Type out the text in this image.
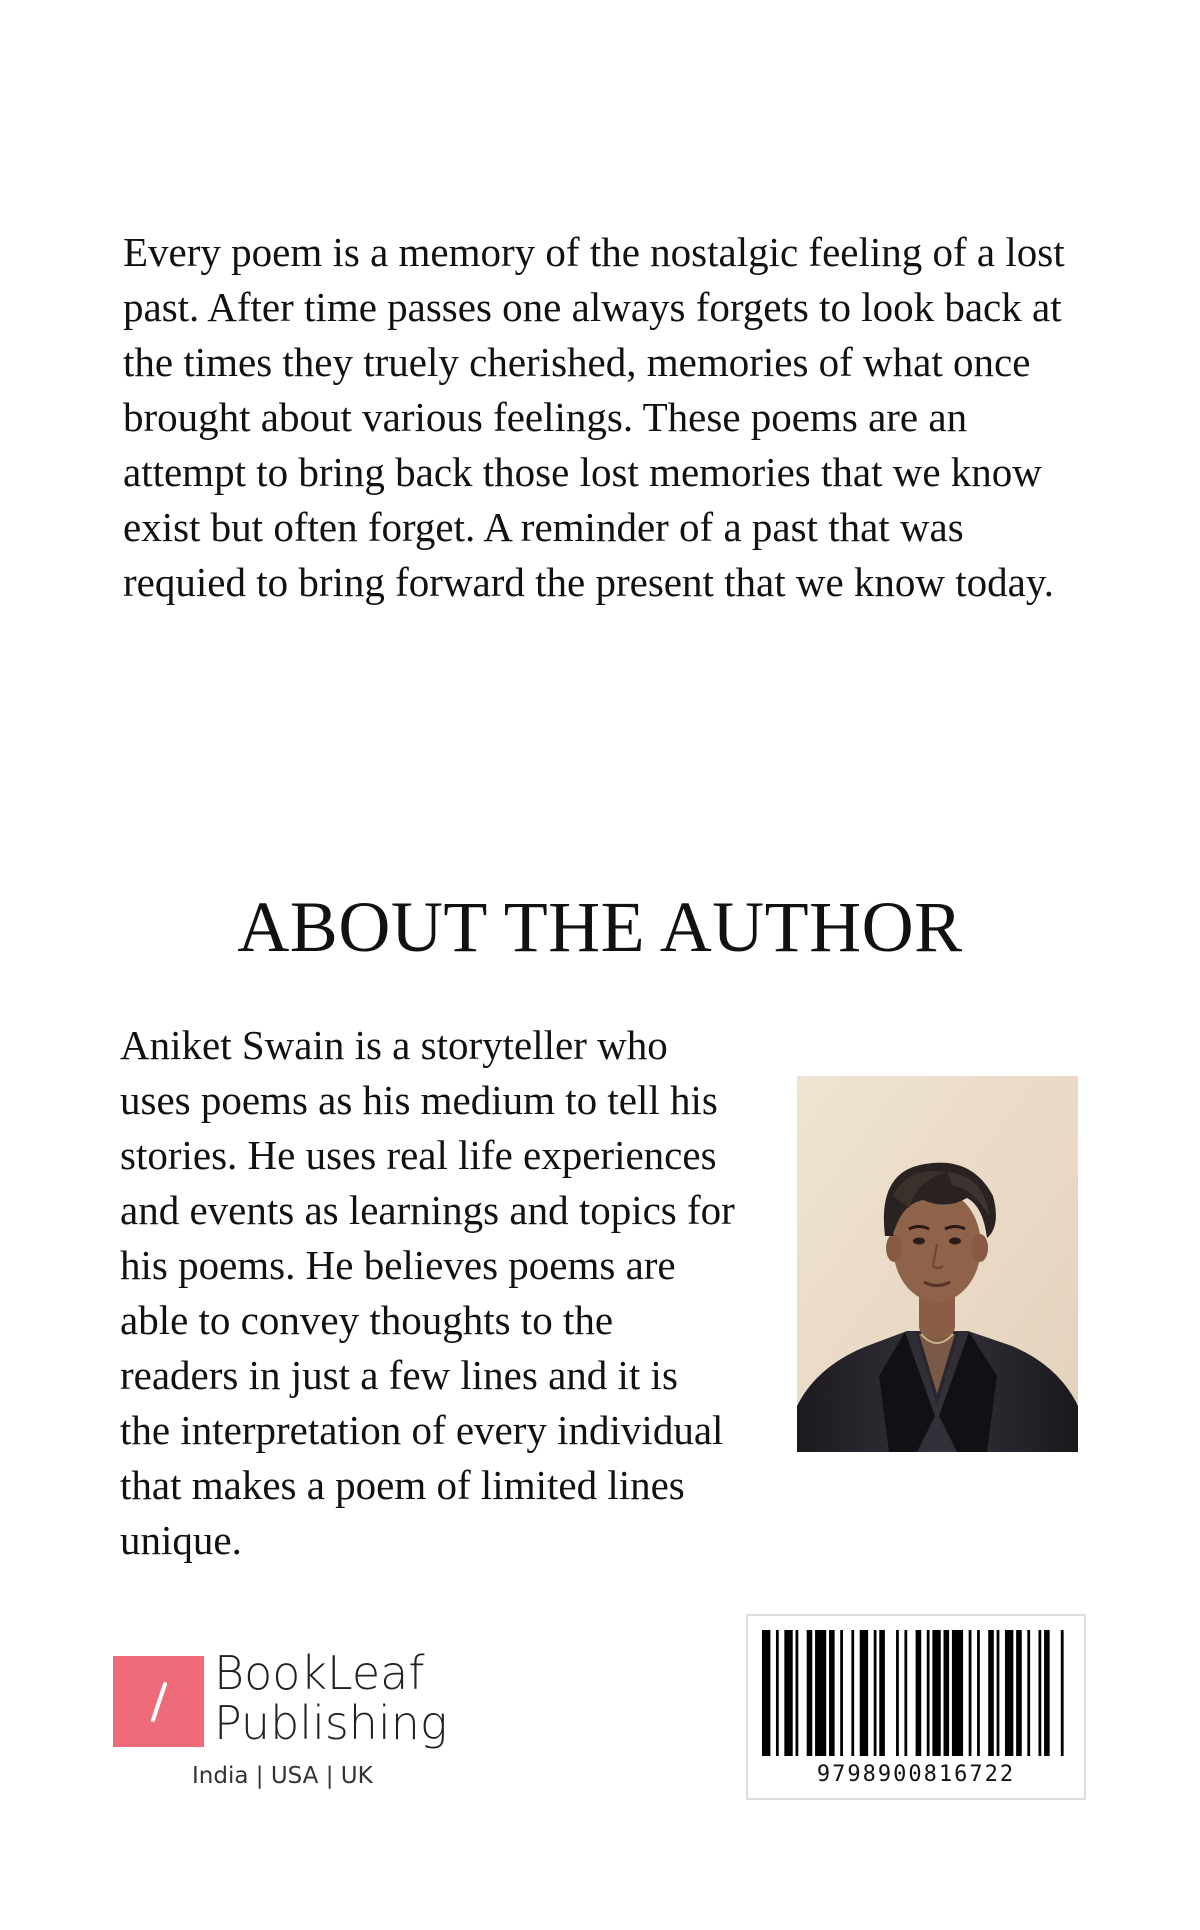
Every poem is a memory of the nostalgic feeling of a lost
past. After time passes one always forgets to look back at
the times they truely cherished, memories of what once
brought about various feelings. These poems are an
attempt to bring back those lost memories that we know
exist but often forget. A reminder of a past that was
requied to bring forward the present that we know today.
ABOUT THE AUTHOR
Aniket Swain is a storyteller who
uses poems as his medium to tell his
stories. He uses real life experiences
and events as learnings and topics for
his poems. He believes poems are
able to convey thoughts to the
readers in just a few lines and it is
the interpretation of every individual
that makes a poem of limited lines
unique.
BookLeaf
Publishing
India | USA | UK	9798900816722
